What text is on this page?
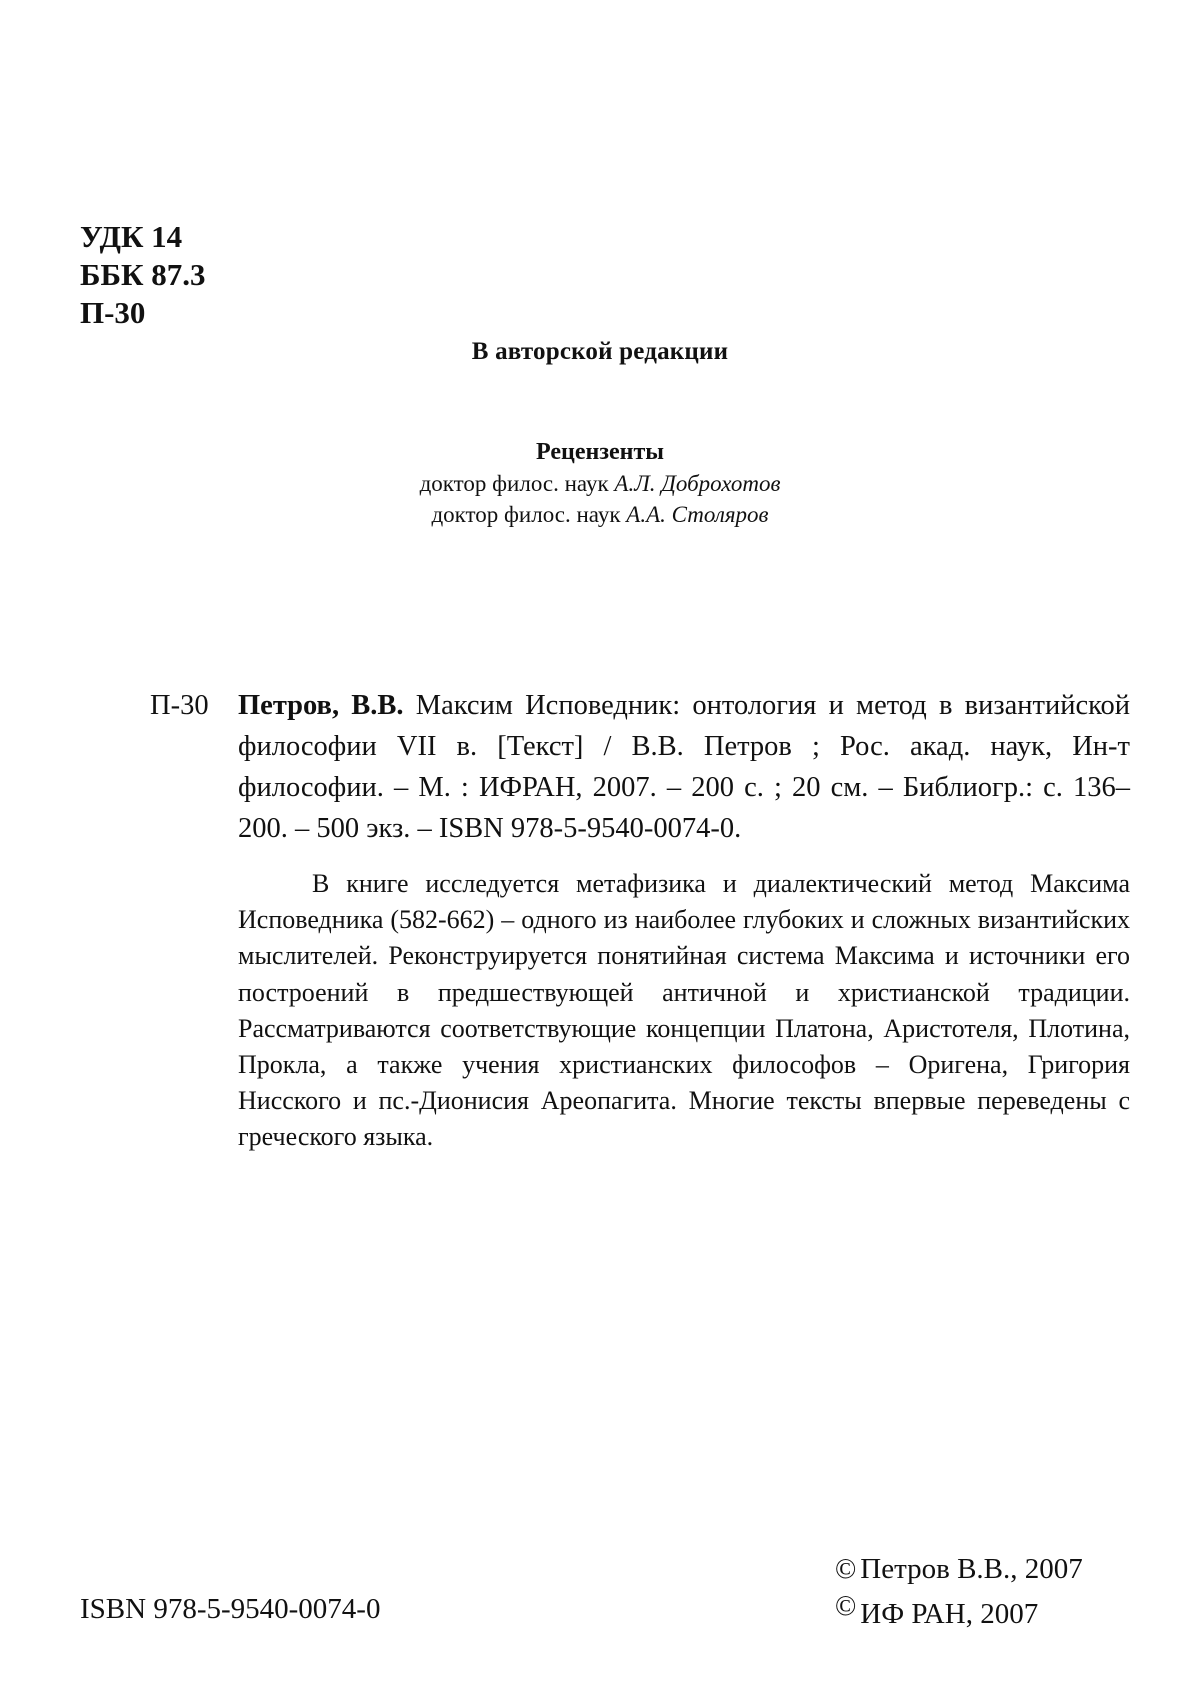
УДК 14
ББК 87.3
П-30
В авторской редакции
Рецензенты
доктор филос. наук А.Л. Доброхотов
доктор филос. наук А.А. Столяров
П-30 Петров, В.В. Максим Исповедник: онтология и метод в византийской философии VII в. [Текст] / В.В. Петров ; Рос. акад. наук, Ин-т философии. – М. : ИФРАН, 2007. – 200 с. ; 20 см. – Библиогр.: с. 136–200. – 500 экз. – ISBN 978-5-9540-0074-0.
В книге исследуется метафизика и диалектический метод Максима Исповедника (582-662) – одного из наиболее глубоких и сложных византийских мыслителей. Реконструируется понятийная система Максима и источники его построений в предшествующей античной и христианской традиции. Рассматриваются соответствующие концепции Платона, Аристотеля, Плотина, Прокла, а также учения христианских философов – Оригена, Григория Нисского и пс.-Дионисия Ареопагита. Многие тексты впервые переведены с греческого языка.
ISBN 978-5-9540-0074-0
© Петров В.В., 2007
© ИФ РАН, 2007
